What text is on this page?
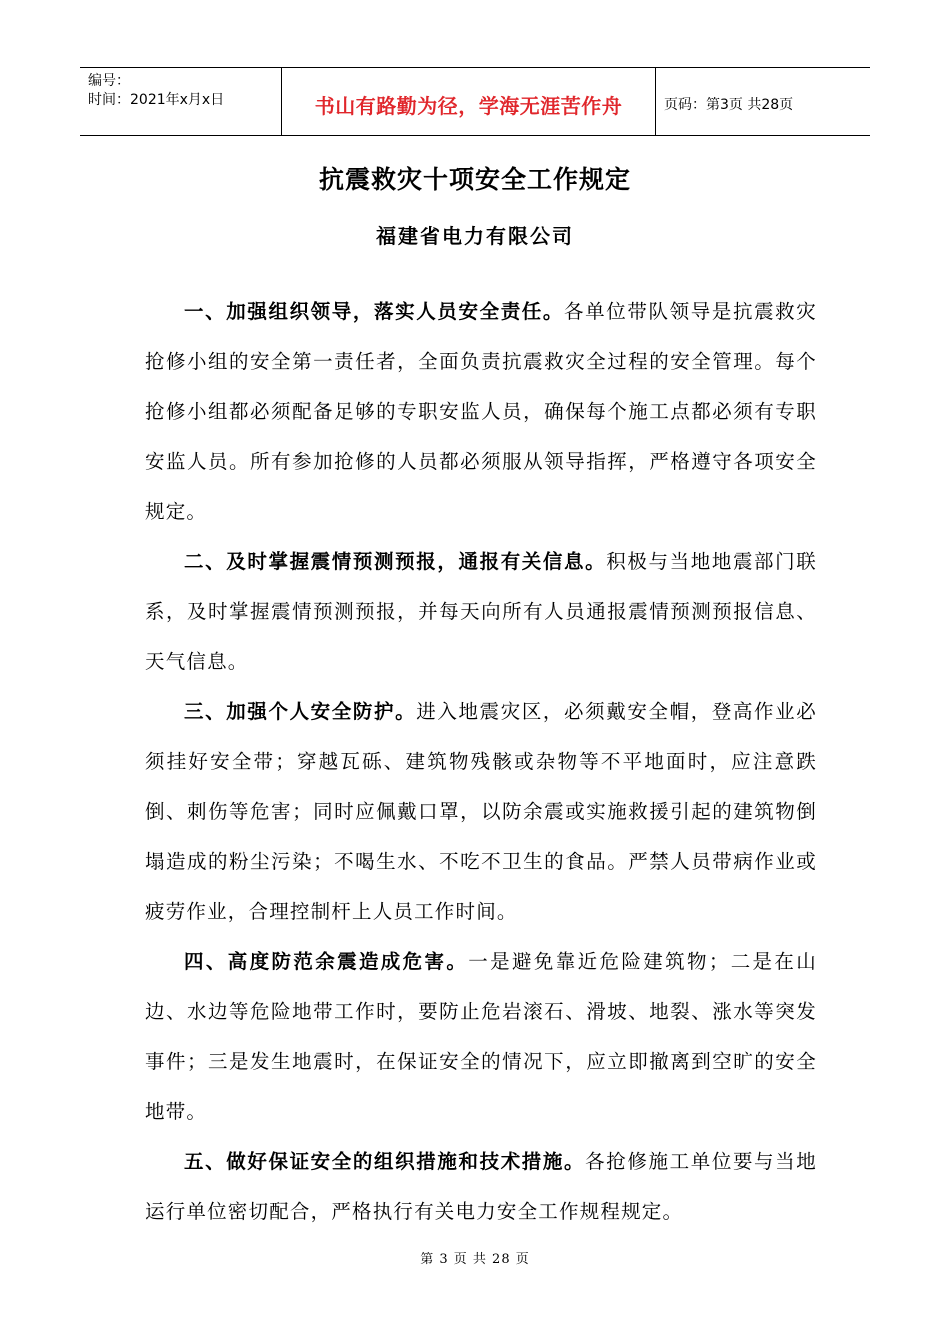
编号：
时间：2021年x月x日	书山有路勤为径，学海无涯苦作舟	页码：第3页 共28页
抗震救灾十项安全工作规定
福建省电力有限公司

一、加强组织领导，落实人员安全责任。各单位带队领导是抗震救灾抢修小组的安全第一责任者，全面负责抗震救灾全过程的安全管理。每个抢修小组都必须配备足够的专职安监人员，确保每个施工点都必须有专职安监人员。所有参加抢修的人员都必须服从领导指挥，严格遵守各项安全规定。

二、及时掌握震情预测预报，通报有关信息。积极与当地地震部门联系，及时掌握震情预测预报，并每天向所有人员通报震情预测预报信息、天气信息。

三、加强个人安全防护。进入地震灾区，必须戴安全帽，登高作业必须挂好安全带；穿越瓦砾、建筑物残骸或杂物等不平地面时，应注意跌倒、刺伤等危害；同时应佩戴口罩，以防余震或实施救援引起的建筑物倒塌造成的粉尘污染；不喝生水、不吃不卫生的食品。严禁人员带病作业或疲劳作业，合理控制杆上人员工作时间。

四、高度防范余震造成危害。一是避免靠近危险建筑物；二是在山边、水边等危险地带工作时，要防止危岩滚石、滑坡、地裂、涨水等突发事件；三是发生地震时，在保证安全的情况下，应立即撤离到空旷的安全地带。

五、做好保证安全的组织措施和技术措施。各抢修施工单位要与当地运行单位密切配合，严格执行有关电力安全工作规程规定。

第 3 页 共 28 页
